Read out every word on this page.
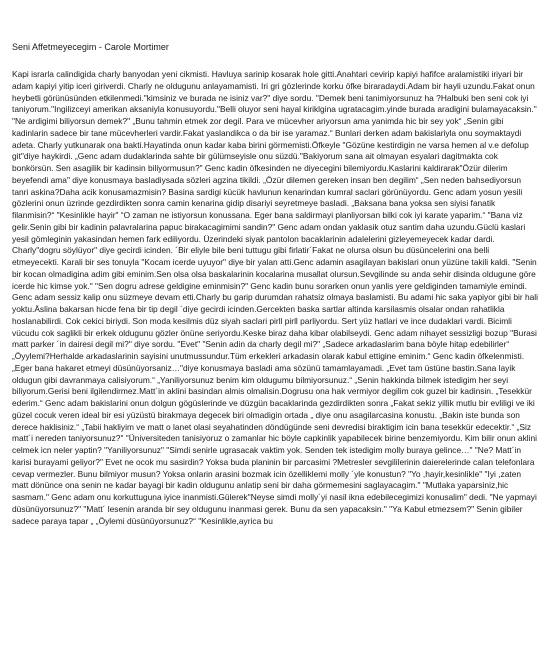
Seni Affetmeyecegim - Carole Mortimer

Kapi israrla calindigida charly banyodan yeni cikmisti. Havluya sarinip kosarak hole gitti.Anahtari cevirip kapiyi hafifce aralamistiki iriyari bir adam kapiyi yitip iceri giriverdi. Charly ne oldugunu anlayamamisti. Iri gri gözlerinde korku öfke biraradaydi.Adam bir hayli uzundu.Fakat onun heybetli görünüsünden etkilenmedi."kimsiniz ve burada ne isiniz var?" diye sordu. "Demek beni tanimiyorsunuz ha ?Halbuki ben seni cok iyi taniyorum."Ingilizceyi amerikan aksaniyla konusuyordu."Belli oluyor seni hayal kiriklgina ugratacagim.yinde burada aradigini bulamayacaksin." "Ne ardigimi biliyorsun demek?" „Bunu tahmin etmek zor degil. Para ve mücevher ariyorsun ama yanimda hic bir sey yok“ „Senin gibi kadinlarin sadece bir tane mücevherleri vardir.Fakat yaslandikca o da bir ise yaramaz.“ Bunlari derken adam bakislariyla onu soymaktaydi adeta. Charly yutkunarak ona bakti.Hayatinda onun kadar kaba birini görmemisti.Öfkeyle "Gözüne kestirdigin ne varsa hemen al v.e defolup git"diye haykirdi. „Genc adam dudaklarinda sahte bir gülümseyisle onu süzdü."Bakiyorum sana ait olmayan esyalari dagitmakta cok bonkörsün. Sen asagilik bir kadinsin biliyormusun?" Genc kadin öfkesinden ne diyecegini bilemiyordu.Kaslarini kaldirarak"Özür dilerim beyefendi ama" diye konusmaya basladiysada sözleri agzina tikildi. „Özür dilemen gereken insan ben degilim“ „Sen neden bahsediyorsun tanri askina?Daha acik konusamazmisin? Basina sardigi kücük havlunun kenarindan kumral saclari görünüyordu. Genc adam yosun yesili gözlerini onun üzrinde gezdirdikten sonra camin kenarina gidip disariyi seyretmeye basladi. „Baksana bana yoksa sen siyisi fanatik filanmisin?“ "Kesinlikle hayir" “O zaman ne istiyorsun konussana. Eger bana saldirmayi planliyorsan bilki cok iyi karate yaparim.“ "Bana viz gelir.Senin gibi bir kadinin palavralarina papuc birakacagimimi sandin?" Genc adam ondan yaklasik otuz santim daha uzundu.Güclü kaslari yesil gömleginin yakasindan hemen fark ediliyordu. Üzerindeki siyak pantolon bacaklarinin adalelerini gizleyemeyecek kadar dardi. Charly"dogru söylüyor" diye gecirdi icinden. ´Bir eliyle bile beni tuttugu gibi firlatir´Fakat ne olursa olsun bu düsüncelerini ona belli etmeyecekti. Karali bir ses tonuyla "Kocam icerde uyuyor" diye bir yalan atti.Genc adamin asagilayan bakislari onun yüzüne takili kaldi. "Senin bir kocan olmadigina adim gibi eminim.Sen olsa olsa baskalarinin kocalarina musallat olursun.Sevgilinde su anda sehir disinda oldugune göre icerde hic kimse yok." "Sen dogru adrese geldigine eminmisin?" Genc kadin bunu sorarken onun yanlis yere geldiginden tamamiyle emindi. Genc adam sessiz kalip onu süzmeye devam etti.Charly bu garip durumdan rahatsiz olmaya baslamisti. Bu adami hic saka yapiyor gibi bir hali yoktu.Äslina bakarsan hicde fena bir tip degil ´diye gecirdi icinden.Gercekten baska sartlar altinda karsilasmis olsalar ondan rahatlikla hoslanabilirdi. Cok cekici biriydi. Son moda kesilmis düz siyah saclari pirll pirll parliyordu. Sert yüz hatlari ve ince dudaklari vardi. Bicimli vücudu cok saglikli bir erkek oldugunu gözler önüne seriyordu.Keske biraz daha kibar olabilseydi. Genc adam nihayet sessizligi bozup "Burasi matt parker ´in dairesi degil mi?" diye sordu. "Evet" "Senin adin da charly degil mi?" „Sadece arkadaslarim bana böyle hitap edebilirler“ „Öyylemi?Herhalde arkadaslarinin sayisini unutmussundur.Tüm erkekleri arkadasin olarak kabul ettigine eminim.“ Genc kadin öfkelenmisti. „Eger bana hakaret etmeyi düsünüyorsaniz…"diye konusmaya basladi ama sözünü tamamlayamadi. „Evet tam üstüne bastin.Sana layik oldugun gibi davranmaya calisiyorum.“ „Yaniliyorsunuz benim kim oldugumu bilmiyorsunuz.“ „Senin hakkinda bilmek istedigim her seyi biliyorum.Gerisi beni ilgilendirmez.Matt´in aklini basindan almis olmalisin.Dogrusu ona hak vermiyor degilim cok guzel bir kadinsin. „Tesekkür ederim.“ Genc adam bakislarini onun dolgun gögüslerinde ve düzgün bacaklarinda gezdirdikten sonra „Fakat sekiz yillik mutlu bir evliligi ve iki güzel cocuk veren ideal bir esi yüzüstü birakmaya degecek biri olmadigin ortada „ diye onu asagilarcasina konustu. „Bakin iste bunda son derece haklisiniz.“ „Tabii hakliyim ve matt o lanet olasi seyahatinden döndügünde seni devredisi biraktigim icin bana tesekkür edecektir.“ „Siz matt´i nereden taniyorsunuz?" "Üniversiteden tanisiyoruz o zamanlar hic böyle capkinlik yapabilecek birine benzemiyordu. Kim bilir onun aklini celmek icn neler yaptin? "Yaniliyorsunuz" "Simdi senirle ugrasacak vaktim yok. Senden tek istedigim molly buraya gelince…" "Ne? Matt´in karisi burayami geliyor?" Evet ne ocok mu sasirdin? Yoksa buda planinin bir parcasimi ?Metresler sevgililerinin daierelerinde calan telefonlara cevap vermezler. Bunu bilmiyor musun? Yoksa onlarin arasini bozmak icin özelliklemi molly ´yle konustun? "Yo ,hayir,kesinlikle" "Iyi ,zaten matt dönünce ona senin ne kadar bayagi bir kadin oldugunu anlatip seni bir daha görmemesini saglayacagim." "Mutlaka yaparsiniz,hic sasmam." Genc adam onu korkuttuguna iyice inanmisti.Gülerek"Neyse simdi molly´yi nasil ikna edebilecegimizi konusalim" dedi. "Ne yapmayi düsünüyorsunuz?" "Matt´ lesenin aranda bir sey oldugunu inanmasi gerek. Bunu da sen yapacaksin." "Ya Kabul etmezsem?" Senin gibiler sadece paraya tapar „ „Öylemi düsünüyorsunuz?“ "Kesinlikle,ayrica bu
